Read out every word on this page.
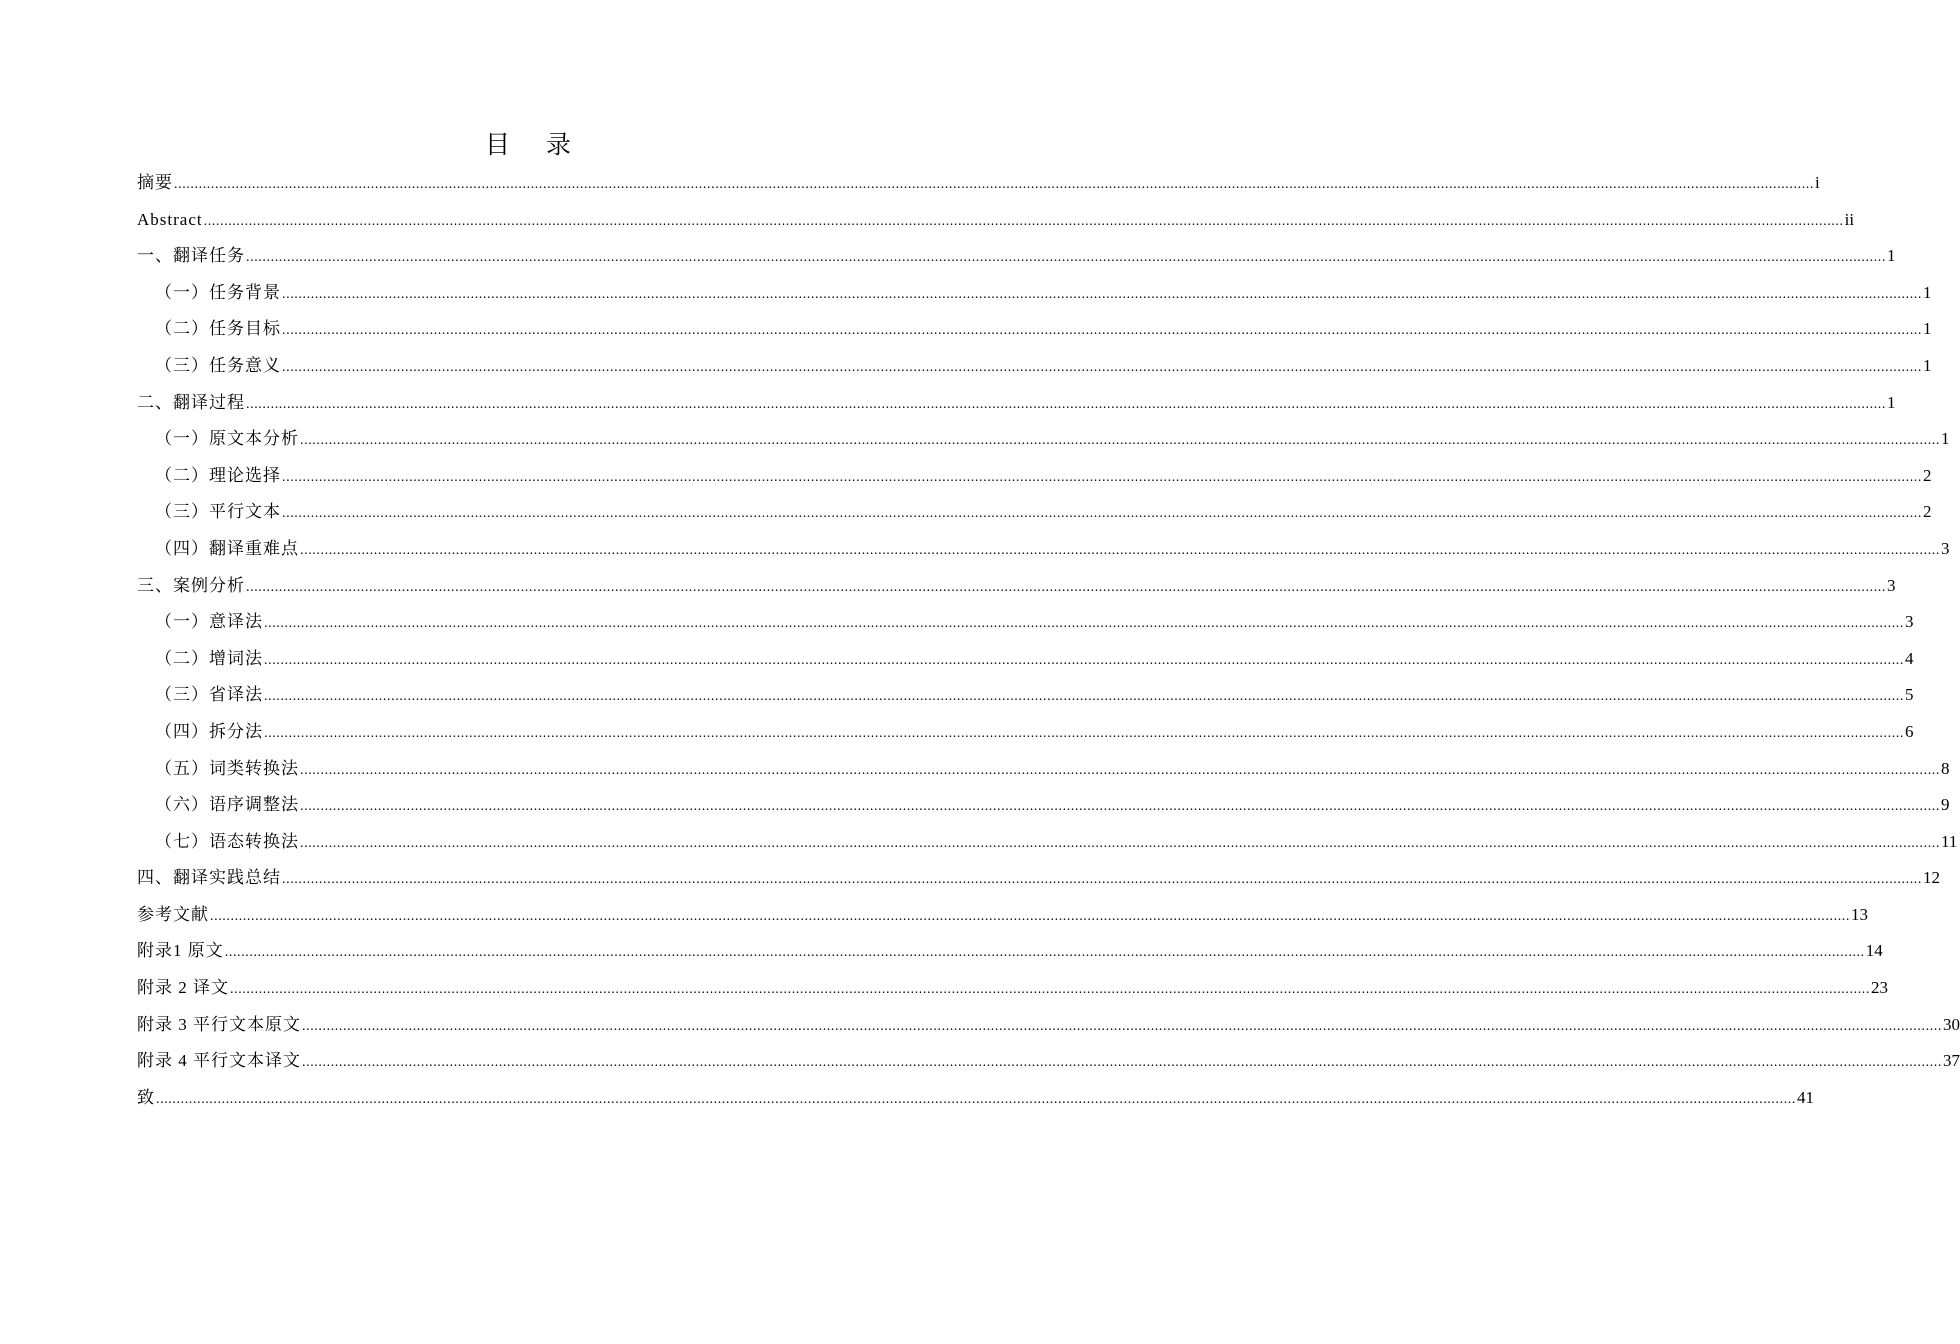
目 录
摘要 ................................................................................................................................................................................................................................................................................................................................................................................................................ i
Abstract ................................................................................................................................................................................................................................................................................................................................................................................................................ ii
一、翻译任务 ................................................................................................................................................................................................................................................................................................................................................................................................................ 1
（一）任务背景 ................................................................................................................................................................................................................................................................................................................................................................................................................ 1
（二）任务目标 ................................................................................................................................................................................................................................................................................................................................................................................................................ 1
（三）任务意义 ................................................................................................................................................................................................................................................................................................................................................................................................................ 1
二、翻译过程 ................................................................................................................................................................................................................................................................................................................................................................................................................ 1
（一）原文本分析 ................................................................................................................................................................................................................................................................................................................................................................................................................ 1
（二）理论选择 ................................................................................................................................................................................................................................................................................................................................................................................................................ 2
（三）平行文本 ................................................................................................................................................................................................................................................................................................................................................................................................................ 2
（四）翻译重难点 ................................................................................................................................................................................................................................................................................................................................................................................................................ 3
三、案例分析 ................................................................................................................................................................................................................................................................................................................................................................................................................ 3
（一）意译法 ................................................................................................................................................................................................................................................................................................................................................................................................................ 3
（二）增词法 ................................................................................................................................................................................................................................................................................................................................................................................................................ 4
（三）省译法 ................................................................................................................................................................................................................................................................................................................................................................................................................ 5
（四）拆分法 ................................................................................................................................................................................................................................................................................................................................................................................................................ 6
（五）词类转换法 ................................................................................................................................................................................................................................................................................................................................................................................................................ 8
（六）语序调整法 ................................................................................................................................................................................................................................................................................................................................................................................................................ 9
（七）语态转换法 ................................................................................................................................................................................................................................................................................................................................................................................................................ 11
四、翻译实践总结 ................................................................................................................................................................................................................................................................................................................................................................................................................ 12
参考文献 ................................................................................................................................................................................................................................................................................................................................................................................................................ 13
附录1 原文 ................................................................................................................................................................................................................................................................................................................................................................................................................ 14
附录 2 译文 ................................................................................................................................................................................................................................................................................................................................................................................................................ 23
附录 3 平行文本原文 ................................................................................................................................................................................................................................................................................................................................................................................................................ 30
附录 4 平行文本译文 ................................................................................................................................................................................................................................................................................................................................................................................................................ 37
致 ................................................................................................................................................................................................................................................................................................................................................................................................................ 41
